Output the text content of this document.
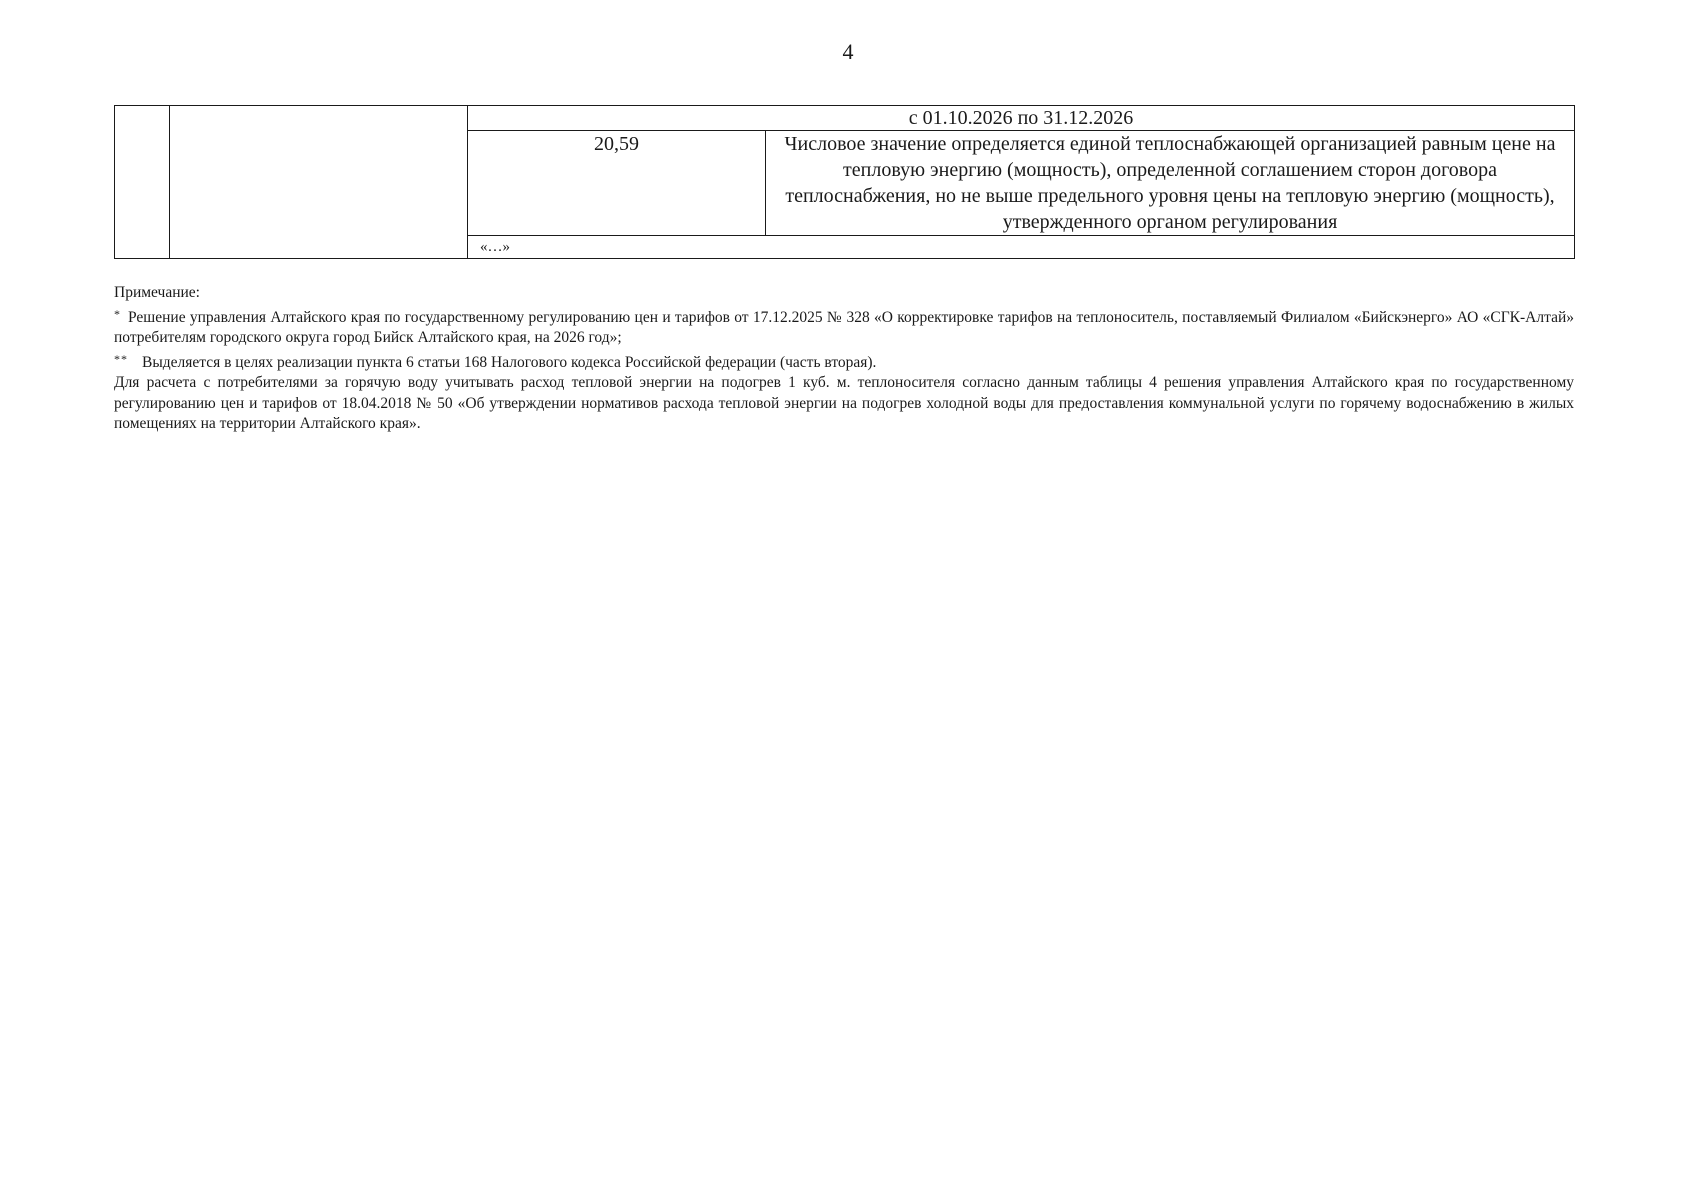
4
		с 01.10.2026 по 31.12.2026	
		20,59	Числовое значение определяется единой теплоснабжающей организацией равным цене на тепловую энергию (мощность), определенной соглашением сторон договора теплоснабжения, но не выше предельного уровня цены на тепловую энергию (мощность), утвержденного органом регулирования
		«…»	

Примечание:

* Решение управления Алтайского края по государственному регулированию цен и тарифов от 17.12.2025 № 328 «О корректировке тарифов на теплоноситель, поставляемый Филиалом «Бийскэнерго» АО «СГК-Алтай» потребителям городского округа город Бийск Алтайского края, на 2026 год»;

** Выделяется в целях реализации пункта 6 статьи 168 Налогового кодекса Российской федерации (часть вторая).

Для расчета с потребителями за горячую воду учитывать расход тепловой энергии на подогрев 1 куб. м. теплоносителя согласно данным таблицы 4 решения управления Алтайского края по государственному регулированию цен и тарифов от 18.04.2018 № 50 «Об утверждении нормативов расхода тепловой энергии на подогрев холодной воды для предоставления коммунальной услуги по горячему водоснабжению в жилых помещениях на территории Алтайского края».
